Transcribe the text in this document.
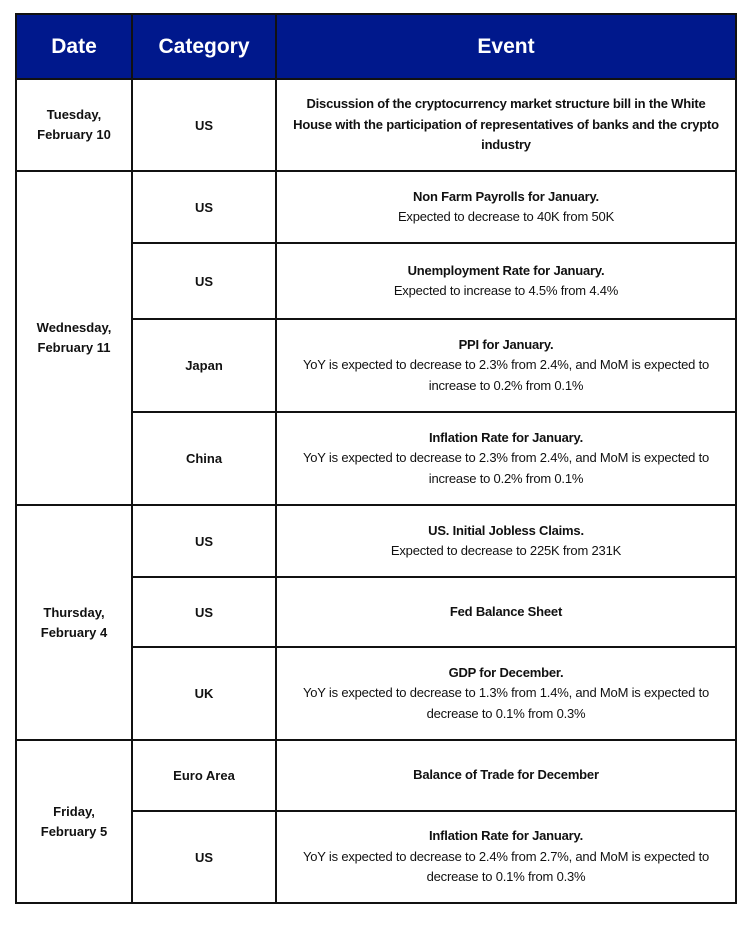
Date	Category	Event
Tuesday,
February 10	US	Discussion of the cryptocurrency market structure bill in the White House with the participation of representatives of banks and the crypto industry

Wednesday,
February 11	US	Non Farm Payrolls for January.
Expected to decrease to 40K from 50K
	US	Unemployment Rate for January.
Expected to increase to 4.5% from 4.4%
	Japan	PPI for January.
YoY is expected to decrease to 2.3% from 2.4%, and MoM is expected to increase to 0.2% from 0.1%
	China	Inflation Rate for January.
YoY is expected to decrease to 2.3% from 2.4%, and MoM is expected to increase to 0.2% from 0.1%
Thursday,
February 4	US	US. Initial Jobless Claims.
Expected to decrease to 225K from 231K
	US	Fed Balance Sheet

	UK	GDP for December.
YoY is expected to decrease to 1.3% from 1.4%, and MoM is expected to decrease to 0.1% from 0.3%
Friday,
February 5	Euro Area	Balance of Trade for December

	US	Inflation Rate for January.
YoY is expected to decrease to 2.4% from 2.7%, and MoM is expected to decrease to 0.1% from 0.3%
